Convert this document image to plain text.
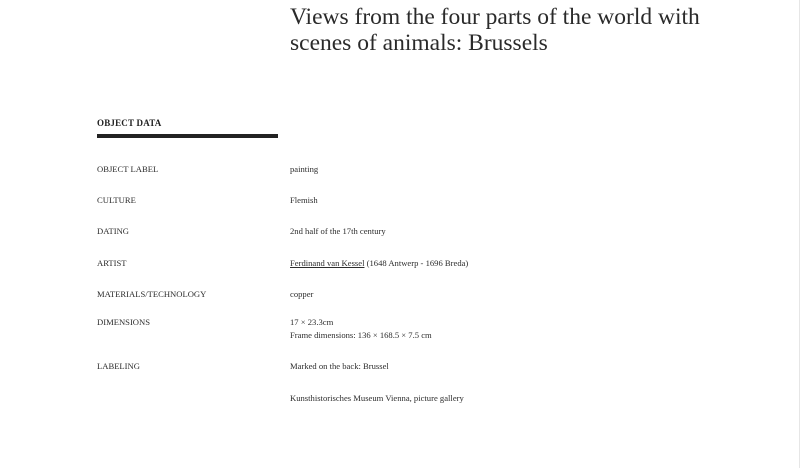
Views from the four parts of the world with scenes of animals: Brussels
OBJECT DATA
OBJECT LABEL	painting
CULTURE	Flemish
DATING	2nd half of the 17th century
ARTIST	Ferdinand van Kessel (1648 Antwerp - 1696 Breda)
MATERIALS/TECHNOLOGY	copper
DIMENSIONS	17 × 23.3cm
Frame dimensions: 136 × 168.5 × 7.5 cm
LABELING	Marked on the back: Brussel
Kunsthistorisches Museum Vienna, picture gallery
